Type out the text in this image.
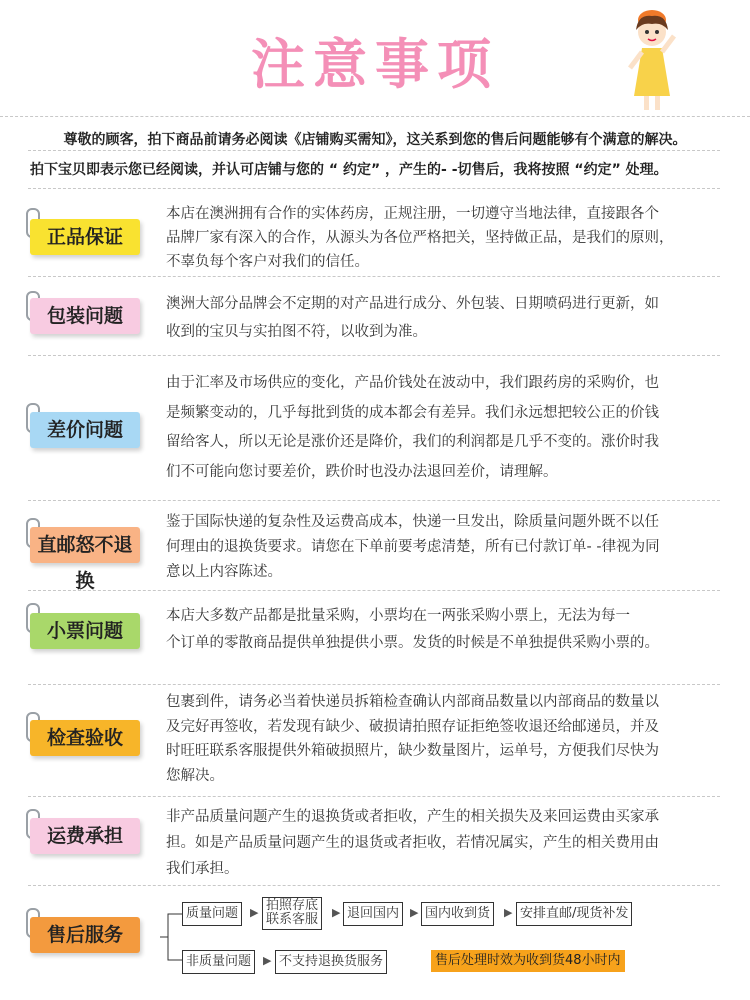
注意事项
尊敬的顾客，拍下商品前请务必阅读《店铺购买需知》，这关系到您的售后问题能够有个满意的解决。
拍下宝贝即表示您已经阅读，并认可店铺与您的 “ 约定” ，产生的- -切售后，我将按照 “约定” 处理。
正品保证

本店在澳洲拥有合作的实体药房，正规注册，一切遵守当地法律，直接跟各个

品牌厂家有深入的合作，从源头为各位严格把关，坚持做正品，是我们的原则，

不辜负每个客户对我们的信任。

包装问题

澳洲大部分品牌会不定期的对产品进行成分、外包装、日期喷码进行更新，如

收到的宝贝与实拍图不符，以收到为准。

差价问题

由于汇率及市场供应的变化，产品价钱处在波动中，我们跟药房的采购价，也

是频繁变动的，几乎每批到货的成本都会有差异。我们永远想把较公正的价钱

留给客人，所以无论是涨价还是降价，我们的利润都是几乎不变的。涨价时我

们不可能向您讨要差价，跌价时也没办法退回差价，请理解。

直邮怒不退换

鉴于国际快递的复杂性及运费高成本，快递一旦发出，除质量问题外既不以任

何理由的退换货要求。请您在下单前要考虑清楚，所有已付款订单- -律视为同

意以上内容陈述。

小票问题

本店大多数产品都是批量采购，小票均在一两张采购小票上，无法为每一

个订单的零散商品提供单独提供小票。发货的时候是不单独提供采购小票的。

检查验收

包裹到件，请务必当着快递员拆箱检查确认内部商品数量以内部商品的数量以

及完好再签收，若发现有缺少、破损请拍照存证拒绝签收退还给邮递员，并及

时旺旺联系客服提供外箱破损照片，缺少数量图片，运单号，方便我们尽快为

您解决。

运费承担

非产品质量问题产生的退换货或者拒收，产生的相关损失及来回运费由买家承

担。如是产品质量问题产生的退货或者拒收，若情况属实，产生的相关费用由

我们承担。

售后服务
质量问题	▶ 拍照存底
联系客服 ▶ 退回国内 ▶ 国内收到货	▶ 安排直邮/现货补发
非质量问题	▶ 不支持退换货服务	售后处理时效为收到货48小时内
